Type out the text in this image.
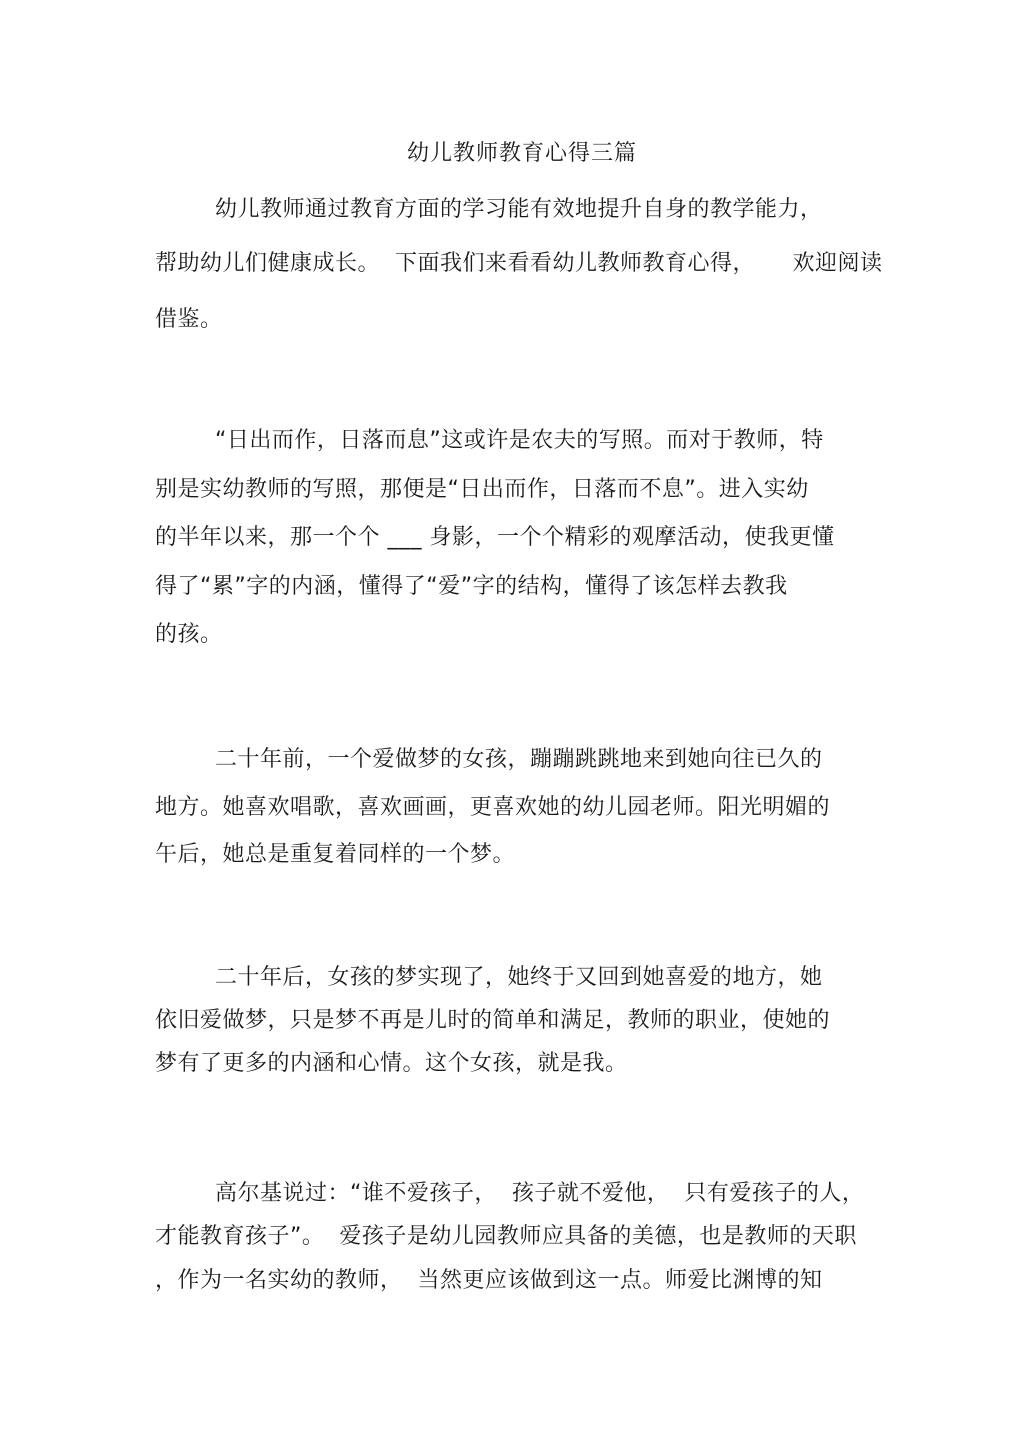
幼儿教师教育心得三篇
幼儿教师通过教育方面的学习能有效地提升自身的教学能力，
帮助幼儿们健康成长。  下面我们来看看幼儿教师教育心得，     欢迎阅读
借鉴。
“日出而作，日落而息”这或许是农夫的写照。而对于教师，特
别是实幼教师的写照，那便是“日出而作，日落而不息”。进入实幼
的半年以来，那一个个 ___ 身影，一个个精彩的观摩活动，使我更懂
得了“累”字的内涵，懂得了“爱”字的结构，懂得了该怎样去教我
的孩。
二十年前，一个爱做梦的女孩，蹦蹦跳跳地来到她向往已久的
地方。她喜欢唱歌，喜欢画画，更喜欢她的幼儿园老师。阳光明媚的
午后，她总是重复着同样的一个梦。
二十年后，女孩的梦实现了，她终于又回到她喜爱的地方，她
依旧爱做梦，只是梦不再是儿时的简单和满足，教师的职业，使她的
梦有了更多的内涵和心情。这个女孩，就是我。
高尔基说过：“谁不爱孩子，  孩子就不爱他，  只有爱孩子的人，
才能教育孩子”。  爱孩子是幼儿园教师应具备的美德，也是教师的天职
，作为一名实幼的教师，  当然更应该做到这一点。师爱比渊博的知
